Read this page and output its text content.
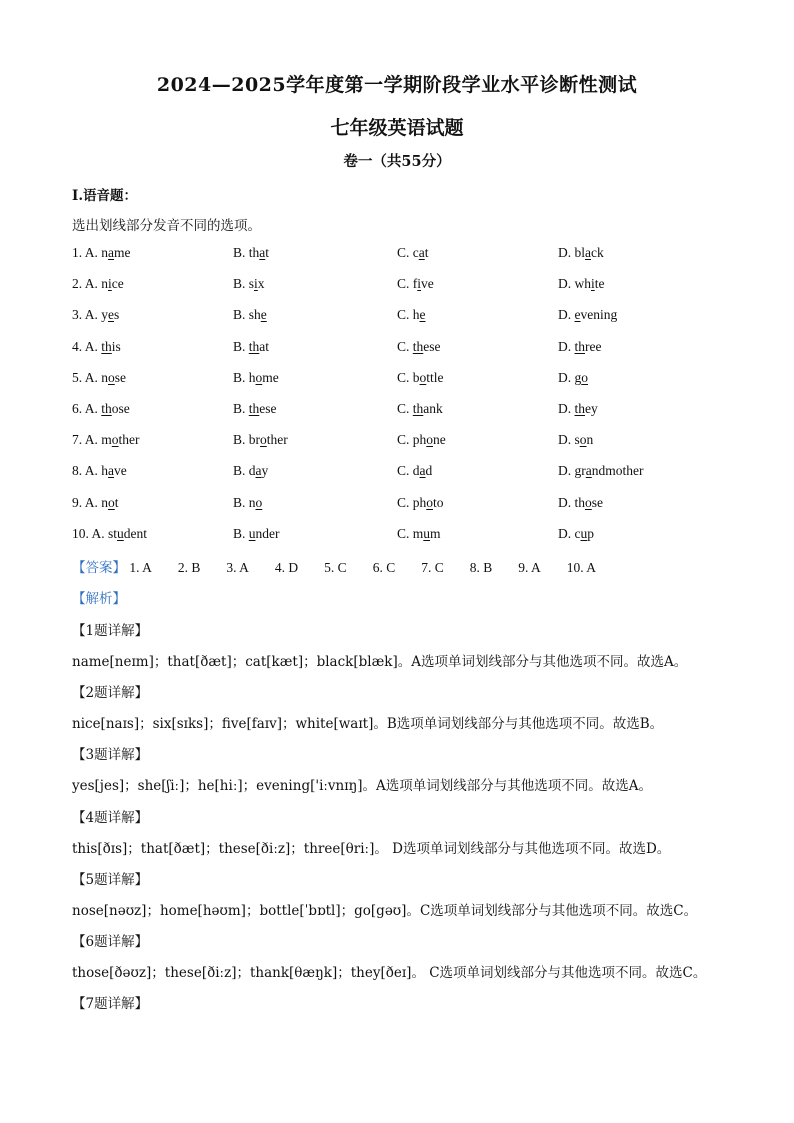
2024—2025学年度第一学期阶段学业水平诊断性测试
七年级英语试题
卷一（共55分）
Ⅰ.语音题：
选出划线部分发音不同的选项。
1. A. name	B. that	C. cat	D. black
2. A. nice	B. six	C. five	D. white
3. A. yes	B. she	C. he	D. evening
4. A. this	B. that	C. these	D. three
5. A. nose	B. home	C. bottle	D. go
6. A. those	B. these	C. thank	D. they
7. A. mother	B. brother	C. phone	D. son
8. A. have	B. day	C. dad	D. grandmother
9. A. not	B. no	C. photo	D. those
10. A. student	B. under	C. mum	D. cup
【答案】 1. A 2. B 3. A 4. D 5. C 6. C 7. C 8. B 9. A 10. A
【解析】
【1题详解】
name[neɪm]；that[ðæt]；cat[kæt]；black[blæk]。A选项单词划线部分与其他选项不同。故选A。
【2题详解】
nice[naɪs]；six[sɪks]；five[faɪv]；white[waɪt]。B选项单词划线部分与其他选项不同。故选B。
【3题详解】
yes[jes]；she[ʃiː]；he[hiː]；evening['iːvnɪŋ]。A选项单词划线部分与其他选项不同。故选A。
【4题详解】
this[ðɪs]；that[ðæt]；these[ðiːz]；three[θriː]。 D选项单词划线部分与其他选项不同。故选D。
【5题详解】
nose[nəʊz]；home[həʊm]；bottle[ˈbɒtl]；go[gəʊ]。C选项单词划线部分与其他选项不同。故选C。
【6题详解】
those[ðəʊz]；these[ðiːz]；thank[θæŋk]；they[ðeɪ]。 C选项单词划线部分与其他选项不同。故选C。
【7题详解】
